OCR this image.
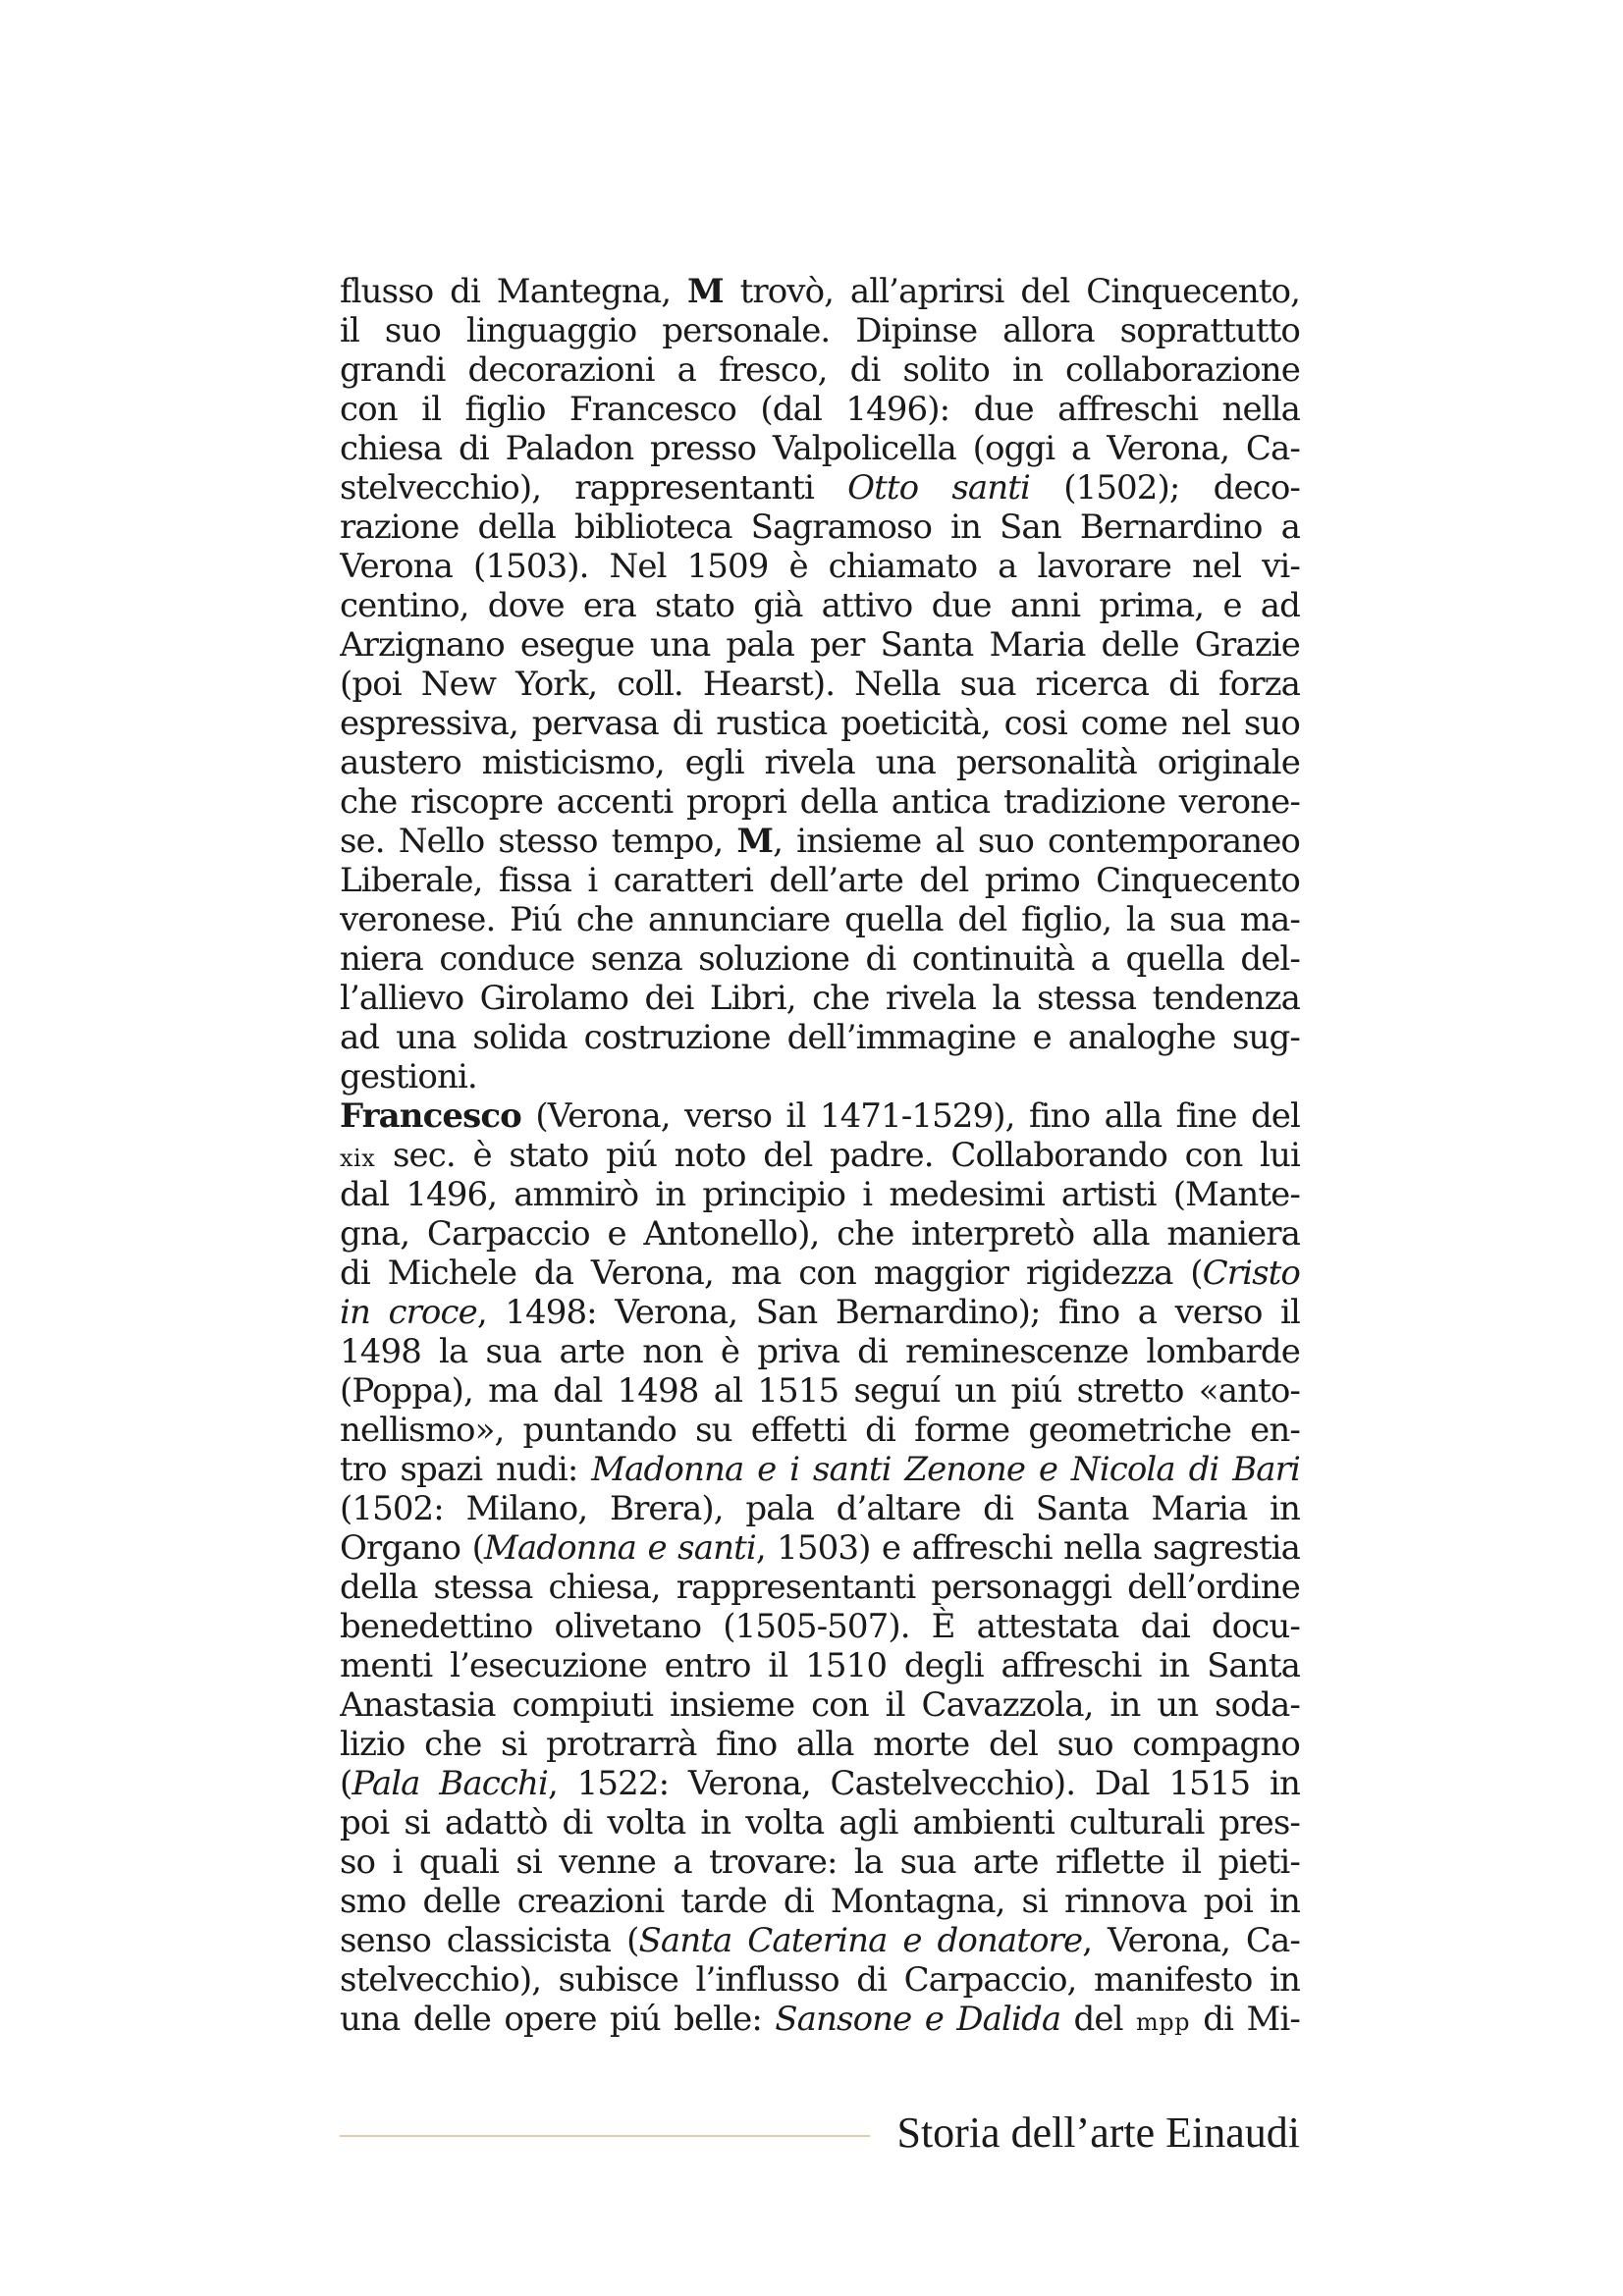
flusso di Mantegna, M trovò, all’aprirsi del Cinquecento,
il suo linguaggio personale. Dipinse allora soprattutto
grandi decorazioni a fresco, di solito in collaborazione
con il figlio Francesco (dal 1496): due affreschi nella
chiesa di Paladon presso Valpolicella (oggi a Verona, Ca-
stelvecchio), rappresentanti Otto santi (1502); deco-
razione della biblioteca Sagramoso in San Bernardino a
Verona (1503). Nel 1509 è chiamato a lavorare nel vi-
centino, dove era stato già attivo due anni prima, e ad
Arzignano esegue una pala per Santa Maria delle Grazie
(poi New York, coll. Hearst). Nella sua ricerca di forza
espressiva, pervasa di rustica poeticità, cosi come nel suo
austero misticismo, egli rivela una personalità originale
che riscopre accenti propri della antica tradizione verone-
se. Nello stesso tempo, M, insieme al suo contemporaneo
Liberale, fissa i caratteri dell’arte del primo Cinquecento
veronese. Piú che annunciare quella del figlio, la sua ma-
niera conduce senza soluzione di continuità a quella del-
l’allievo Girolamo dei Libri, che rivela la stessa tendenza
ad una solida costruzione dell’immagine e analoghe sug-
gestioni.
Francesco (Verona, verso il 1471-1529), fino alla fine del
xix sec. è stato piú noto del padre. Collaborando con lui
dal 1496, ammirò in principio i medesimi artisti (Mante-
gna, Carpaccio e Antonello), che interpretò alla maniera
di Michele da Verona, ma con maggior rigidezza (Cristo
in croce, 1498: Verona, San Bernardino); fino a verso il
1498 la sua arte non è priva di reminescenze lombarde
(Poppa), ma dal 1498 al 1515 seguí un piú stretto «anto-
nellismo», puntando su effetti di forme geometriche en-
tro spazi nudi: Madonna e i santi Zenone e Nicola di Bari
(1502: Milano, Brera), pala d’altare di Santa Maria in
Organo (Madonna e santi, 1503) e affreschi nella sagrestia
della stessa chiesa, rappresentanti personaggi dell’ordine
benedettino olivetano (1505-507). È attestata dai docu-
menti l’esecuzione entro il 1510 degli affreschi in Santa
Anastasia compiuti insieme con il Cavazzola, in un soda-
lizio che si protrarrà fino alla morte del suo compagno
(Pala Bacchi, 1522: Verona, Castelvecchio). Dal 1515 in
poi si adattò di volta in volta agli ambienti culturali pres-
so i quali si venne a trovare: la sua arte riflette il pieti-
smo delle creazioni tarde di Montagna, si rinnova poi in
senso classicista (Santa Caterina e donatore, Verona, Ca-
stelvecchio), subisce l’influsso di Carpaccio, manifesto in
una delle opere piú belle: Sansone e Dalida del mpp di Mi-
Storia dell’arte Einaudi
